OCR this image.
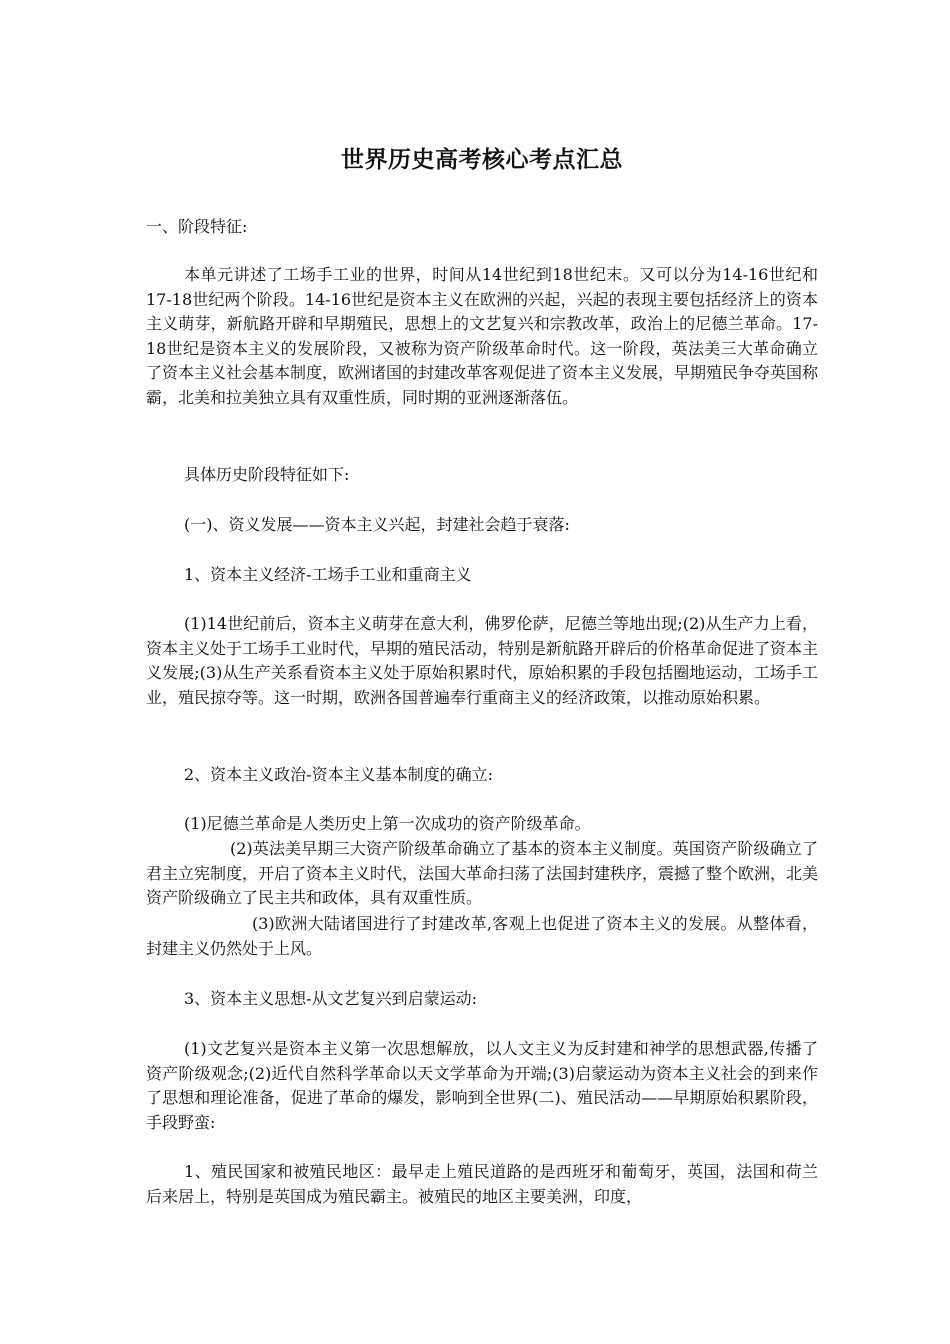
世界历史高考核心考点汇总

一、阶段特征:

本单元讲述了工场手工业的世界，时间从14世纪到18世纪末。又可以分为14-16世纪和17-18世纪两个阶段。14-16世纪是资本主义在欧洲的兴起，兴起的表现主要包括经济上的资本主义萌芽，新航路开辟和早期殖民，思想上的文艺复兴和宗教改革，政治上的尼德兰革命。17-18世纪是资本主义的发展阶段，又被称为资产阶级革命时代。这一阶段，英法美三大革命确立了资本主义社会基本制度，欧洲诸国的封建改革客观促进了资本主义发展，早期殖民争夺英国称霸，北美和拉美独立具有双重性质，同时期的亚洲逐渐落伍。

具体历史阶段特征如下:

(一)、资义发展——资本主义兴起，封建社会趋于衰落:

1、资本主义经济-工场手工业和重商主义

(1)14世纪前后，资本主义萌芽在意大利，佛罗伦萨，尼德兰等地出现;(2)从生产力上看，资本主义处于工场手工业时代，早期的殖民活动，特别是新航路开辟后的价格革命促进了资本主义发展;(3)从生产关系看资本主义处于原始积累时代，原始积累的手段包括圈地运动，工场手工业，殖民掠夺等。这一时期，欧洲各国普遍奉行重商主义的经济政策，以推动原始积累。

2、资本主义政治-资本主义基本制度的确立:

(1)尼德兰革命是人类历史上第一次成功的资产阶级革命。

(2)英法美早期三大资产阶级革命确立了基本的资本主义制度。英国资产阶级确立了君主立宪制度，开启了资本主义时代，法国大革命扫荡了法国封建秩序，震撼了整个欧洲，北美资产阶级确立了民主共和政体，具有双重性质。

(3)欧洲大陆诸国进行了封建改革,客观上也促进了资本主义的发展。从整体看，封建主义仍然处于上风。

3、资本主义思想-从文艺复兴到启蒙运动:

(1)文艺复兴是资本主义第一次思想解放，以人文主义为反封建和神学的思想武器,传播了资产阶级观念;(2)近代自然科学革命以天文学革命为开端;(3)启蒙运动为资本主义社会的到来作了思想和理论准备，促进了革命的爆发，影响到全世界(二)、殖民活动——早期原始积累阶段，手段野蛮:

1、殖民国家和被殖民地区：最早走上殖民道路的是西班牙和葡萄牙，英国，法国和荷兰后来居上，特别是英国成为殖民霸主。被殖民的地区主要美洲，印度，
